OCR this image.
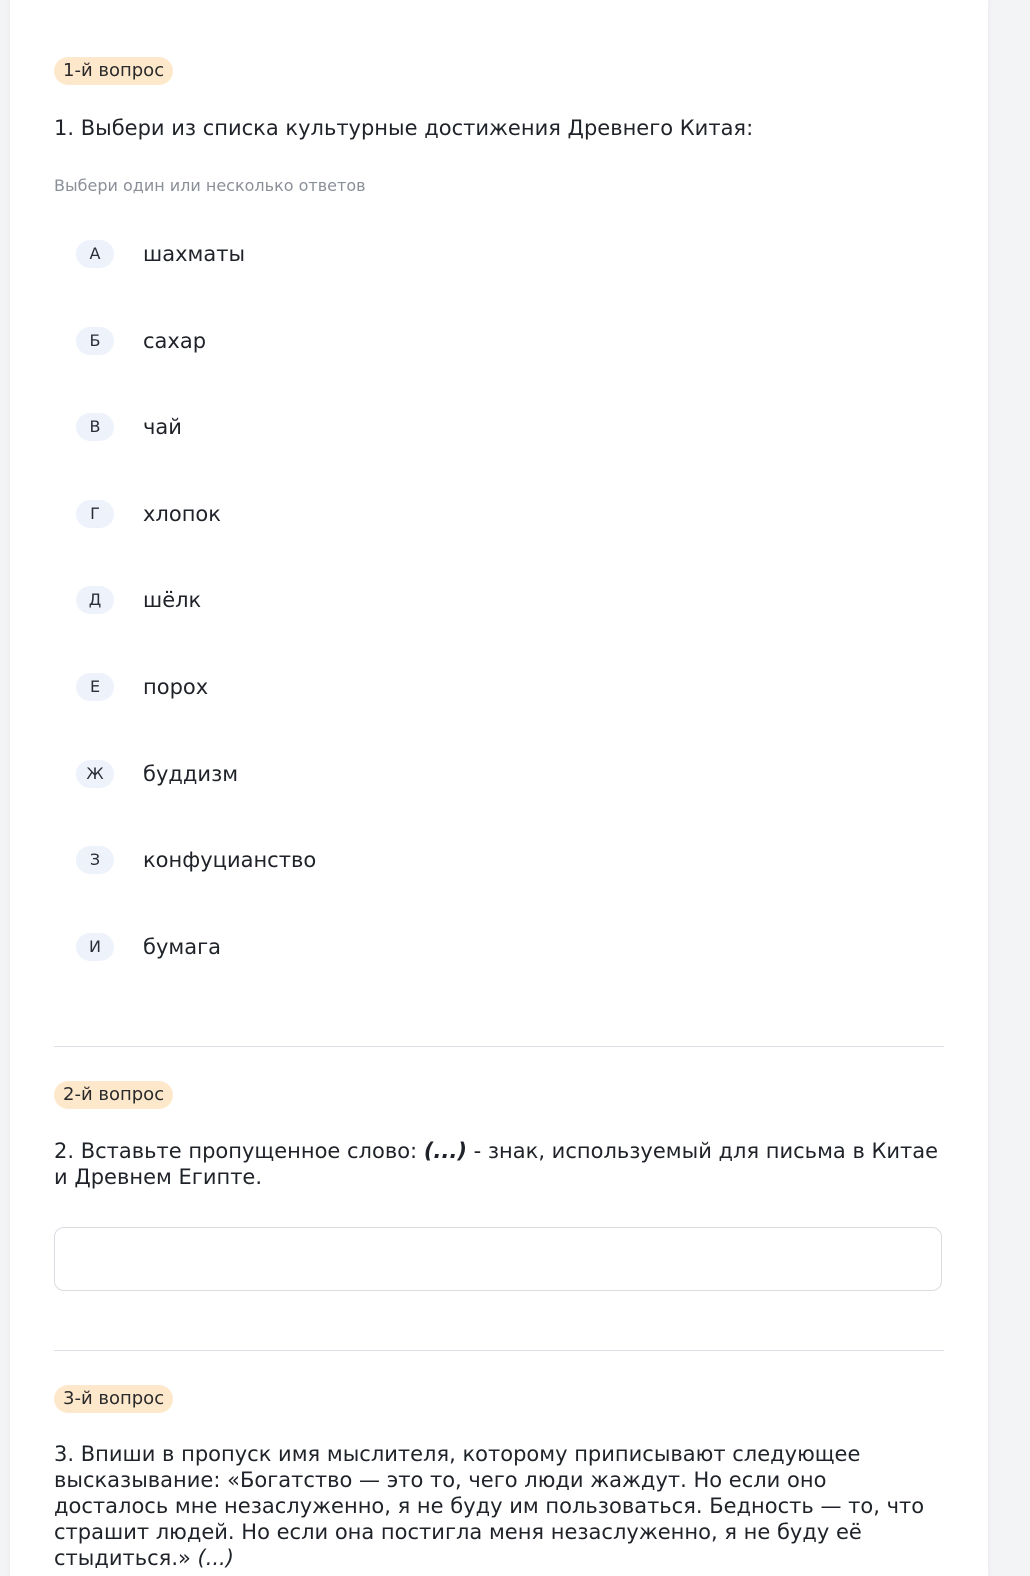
1-й вопрос
1. Выбери из списка культурные достижения Древнего Китая:
Выбери один или несколько ответов
А	шахматы
Б	сахар
В	чай
Г	хлопок
Д	шёлк
Е	порох
Ж	буддизм
З	конфуцианство
И	бумага
2-й вопрос
2. Вставьте пропущенное слово: (...) - знак, используемый для письма в Китае и Древнем Египте.
3-й вопрос
3. Впиши в пропуск имя мыслителя, которому приписывают следующее высказывание: «Богатство — это то, чего люди жаждут. Но если оно досталось мне незаслуженно, я не буду им пользоваться. Бедность — то, что страшит людей. Но если она постигла меня незаслуженно, я не буду её стыдиться.» (...)
